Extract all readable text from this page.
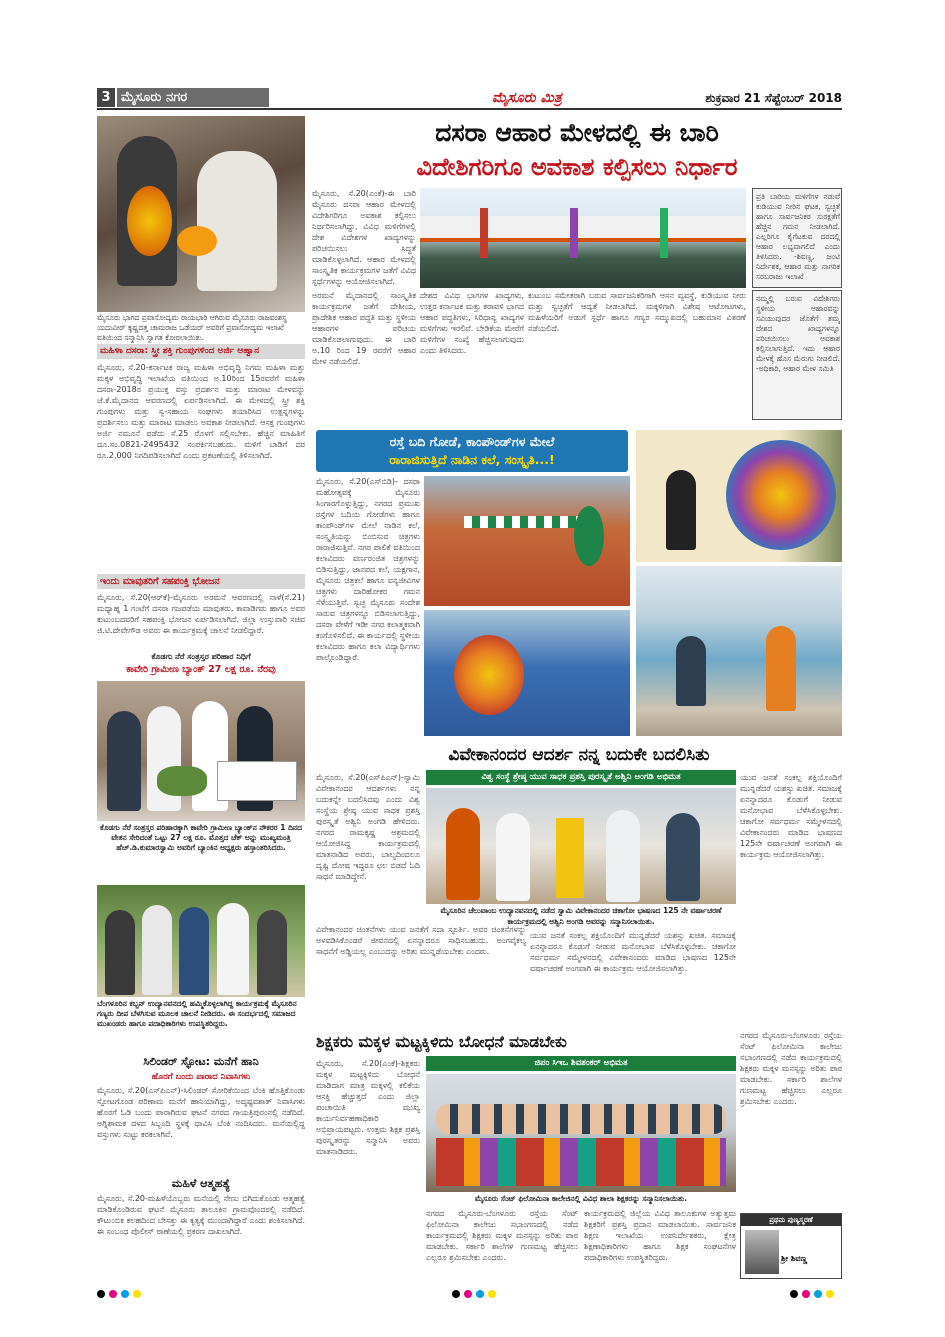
3 ಮೈಸೂರು ನಗರ	ಮೈಸೂರು ಮಿತ್ರ	ಶುಕ್ರವಾರ 21 ಸೆಪ್ಟೆಂಬರ್ 2018
ಮೈಸೂರು ಭಾಗದ ಪ್ರವಾಸೋದ್ಯಮ ರಾಯಭಾರಿ ಆಗಿರುವ ಮೈಸೂರು ರಾಜವಂಶಸ್ಥ ಯದುವೀರ್ ಕೃಷ್ಣದತ್ತ ಚಾಮರಾಜ ಒಡೆಯರ್ ಅವರಿಗೆ ಪ್ರವಾಸೋದ್ಯಮ ಇಲಾಖೆ ವತಿಯಿಂದ ಸನ್ಮಾನಿಸಿ ಸ್ವಾಗತ ಕೋರಲಾಯಿತು.
ಮಹಿಳಾ ದಸರಾ: ಸ್ತ್ರೀ ಶಕ್ತಿ ಗುಂಪುಗಳಿಂದ ಅರ್ಜಿ ಆಹ್ವಾನ
ಮೈಸೂರು, ಸೆ.20-ಕರ್ನಾಟಕ ರಾಜ್ಯ ಮಹಿಳಾ ಅಭಿವೃದ್ಧಿ ನಿಗಮ ಮಹಿಳಾ ಮತ್ತು ಮಕ್ಕಳ ಅಭಿವೃದ್ಧಿ ಇಲಾಖೆಯ ವತಿಯಿಂದ ಅ.10ರಿಂದ 15ರವರೆಗೆ ಮಹಿಳಾ ದಸರಾ-2018ರ ಪ್ರಯುಕ್ತ ವಸ್ತು ಪ್ರದರ್ಶನ ಮತ್ತು ಮಾರಾಟ ಮೇಳವನ್ನು ಜೆ.ಕೆ.ಮೈದಾನದ ಆವರಣದಲ್ಲಿ ಏರ್ಪಡಿಸಲಾಗಿದೆ. ಈ ಮೇಳದಲ್ಲಿ ಸ್ತ್ರೀ ಶಕ್ತಿ ಗುಂಪುಗಳು ಮತ್ತು ಸ್ವ-ಸಹಾಯ ಸಂಘಗಳು ತಯಾರಿಸಿದ ಉತ್ಪನ್ನಗಳನ್ನು ಪ್ರದರ್ಶಿಸಲು ಮತ್ತು ಮಾರಾಟ ಮಾಡಲು ಅವಕಾಶ ನೀಡಲಾಗಿದೆ. ಆಸಕ್ತ ಗುಂಪುಗಳು ಅರ್ಜಿ ನಮೂನೆ ಪಡೆದು ಸೆ.25 ರೊಳಗೆ ಸಲ್ಲಿಸಬೇಕು. ಹೆಚ್ಚಿನ ಮಾಹಿತಿಗೆ ದೂ.ಸಂ.0821-2495432 ಸಂಪರ್ಕಿಸಬಹುದು. ಮಳಿಗೆ ಬಾಡಿಗೆ ದರ ರೂ.2,000 ನಿಗದಿಪಡಿಸಲಾಗಿದೆ ಎಂದು ಪ್ರಕಟಣೆಯಲ್ಲಿ ತಿಳಿಸಲಾಗಿದೆ.
ಇಂದು ಮಾವುತರಿಗೆ ಸಹಪಂಕ್ತಿ ಭೋಜನ
ಮೈಸೂರು, ಸೆ.20(ಆರ್‌ಕೆ)-ಮೈಸೂರು ಅರಮನೆ ಆವರಣದಲ್ಲಿ ನಾಳೆ(ಸೆ.21) ಮಧ್ಯಾಹ್ನ 1 ಗಂಟೆಗೆ ದಸರಾ ಗಜಪಡೆಯ ಮಾವುತರು, ಕಾವಾಡಿಗರು ಹಾಗೂ ಅವರ ಕುಟುಂಬದವರಿಗೆ ಸಹಪಂಕ್ತಿ ಭೋಜನ ಏರ್ಪಡಿಸಲಾಗಿದೆ. ಜಿಲ್ಲಾ ಉಸ್ತುವಾರಿ ಸಚಿವ ಜಿ.ಟಿ.ದೇವೇಗೌಡ ಅವರು ಈ ಕಾರ್ಯಕ್ರಮಕ್ಕೆ ಚಾಲನೆ ನೀಡಲಿದ್ದಾರೆ.
ಕೊಡಗು ನೆರೆ ಸಂತ್ರಸ್ತರ ಪರಿಹಾರ ನಿಧಿಗೆ
ಕಾವೇರಿ ಗ್ರಾಮೀಣ ಬ್ಯಾಂಕ್ 27 ಲಕ್ಷ ರೂ. ನೆರವು
ಕೊಡಗು ನೆರೆ ಸಂತ್ರಸ್ತರ ಪರಿಹಾರಕ್ಕಾಗಿ ಕಾವೇರಿ ಗ್ರಾಮೀಣ ಬ್ಯಾಂಕ್‌ನ ನೌಕರರ 1 ದಿನದ ವೇತನ ಸೇರಿದಂತೆ ಒಟ್ಟು 27 ಲಕ್ಷ ರೂ. ಮೊತ್ತದ ಚೆಕ್ ಅನ್ನು ಮುಖ್ಯಮಂತ್ರಿ ಹೆಚ್.ಡಿ.ಕುಮಾರಸ್ವಾಮಿ ಅವರಿಗೆ ಬ್ಯಾಂಕಿನ ಅಧ್ಯಕ್ಷರು ಹಸ್ತಾಂತರಿಸಿದರು.
ಬೆಂಗಳೂರಿನ ಕಬ್ಬನ್ ಉದ್ಯಾನವನದಲ್ಲಿ ಹಮ್ಮಿಕೊಳ್ಳಲಾಗಿದ್ದ ಕಾರ್ಯಕ್ರಮಕ್ಕೆ ಮೈಸೂರಿನ ಗಣ್ಯರು ದೀಪ ಬೆಳಗಿಸುವ ಮೂಲಕ ಚಾಲನೆ ನೀಡಿದರು. ಈ ಸಂದರ್ಭದಲ್ಲಿ ಸಮಾಜದ ಮುಖಂಡರು ಹಾಗೂ ಪದಾಧಿಕಾರಿಗಳು ಉಪಸ್ಥಿತರಿದ್ದರು.
ಸಿಲಿಂಡರ್ ಸ್ಫೋಟ: ಮನೆಗೆ ಹಾನಿ
ಹೊರಗೆ ಬಂದು ಪಾರಾದ ನಿವಾಸಿಗಳು
ಮೈಸೂರು, ಸೆ.20(ಎಸ್‌ಪಿಎನ್)-ಸಿಲಿಂಡರ್ ಸೋರಿಕೆಯಿಂದ ಬೆಂಕಿ ಹೊತ್ತಿಕೊಂಡು ಸ್ಫೋಟಗೊಂಡ ಪರಿಣಾಮ ಮನೆಗೆ ಹಾನಿಯಾಗಿದ್ದು, ಅದೃಷ್ಟವಶಾತ್ ನಿವಾಸಿಗಳು ಹೊರಗೆ ಓಡಿ ಬಂದು ಪಾರಾಗಿರುವ ಘಟನೆ ನಗರದ ಗಾಯತ್ರಿಪುರಂನಲ್ಲಿ ನಡೆದಿದೆ. ಅಗ್ನಿಶಾಮಕ ದಳದ ಸಿಬ್ಬಂದಿ ಸ್ಥಳಕ್ಕೆ ಧಾವಿಸಿ ಬೆಂಕಿ ನಂದಿಸಿದರು. ಮನೆಯಲ್ಲಿದ್ದ ವಸ್ತುಗಳು ಸುಟ್ಟು ಕರಕಲಾಗಿವೆ.
ಮಹಿಳೆ ಆತ್ಮಹತ್ಯೆ
ಮೈಸೂರು, ಸೆ.20-ಮಹಿಳೆಯೊಬ್ಬರು ಮನೆಯಲ್ಲಿ ನೇಣು ಬಿಗಿದುಕೊಂಡು ಆತ್ಮಹತ್ಯೆ ಮಾಡಿಕೊಂಡಿರುವ ಘಟನೆ ಮೈಸೂರು ತಾಲೂಕಿನ ಗ್ರಾಮವೊಂದರಲ್ಲಿ ನಡೆದಿದೆ. ಕೌಟುಂಬಿಕ ಕಲಹದಿಂದ ಬೇಸತ್ತು ಈ ಕೃತ್ಯಕ್ಕೆ ಮುಂದಾಗಿದ್ದಾರೆ ಎಂದು ಶಂಕಿಸಲಾಗಿದೆ. ಈ ಸಂಬಂಧ ಪೊಲೀಸ್ ಠಾಣೆಯಲ್ಲಿ ಪ್ರಕರಣ ದಾಖಲಾಗಿದೆ.
ದಸರಾ ಆಹಾರ ಮೇಳದಲ್ಲಿ ಈ ಬಾರಿ
ವಿದೇಶಿಗರಿಗೂ ಅವಕಾಶ ಕಲ್ಪಿಸಲು ನಿರ್ಧಾರ
ಮೈಸೂರು, ಸೆ.20(ಎಂಕೆ)-ಈ ಬಾರಿ ಮೈಸೂರು ದಸರಾ ಆಹಾರ ಮೇಳದಲ್ಲಿ ವಿದೇಶಿಗರಿಗೂ ಅವಕಾಶ ಕಲ್ಪಿಸಲು ನಿರ್ಧರಿಸಲಾಗಿದ್ದು, ವಿವಿಧ ಮಳಿಗೆಗಳಲ್ಲಿ ದೇಶ ವಿದೇಶಗಳ ಖಾದ್ಯಗಳನ್ನು ಪರಿಚಯಿಸಲು ಸಿದ್ಧತೆ ಮಾಡಿಕೊಳ್ಳಲಾಗಿದೆ. ಆಹಾರ ಮೇಳದಲ್ಲಿ ಸಾಂಸ್ಕೃತಿಕ ಕಾರ್ಯಕ್ರಮಗಳ ಜತೆಗೆ ವಿವಿಧ ಸ್ಪರ್ಧೆಗಳನ್ನು ಆಯೋಜಿಸಲಾಗಿದೆ.
ಪ್ರತಿ ಬಾರಿಯ ಮಳಿಗೆಗಳ ನಡುವೆ ಕುಡಿಯುವ ನೀರಿನ ಘಟಕ, ಸ್ವಚ್ಛತೆ ಹಾಗೂ ಸಾರ್ವಜನಿಕರ ಸುರಕ್ಷತೆಗೆ ಹೆಚ್ಚಿನ ಗಮನ ನೀಡಲಾಗಿದೆ. ಎಲ್ಲರಿಗೂ ಕೈಗೆಟಕುವ ದರದಲ್ಲಿ ಆಹಾರ ಲಭ್ಯವಾಗಲಿದೆ ಎಂದು ತಿಳಿಸಿದರು. -ಶಿವಣ್ಣ, ಜಂಟಿ ನಿರ್ದೇಶಕ, ಆಹಾರ ಮತ್ತು ನಾಗರಿಕ ಸರಬರಾಜು ಇಲಾಖೆ
ಅರಮನೆ ಮೈದಾನದಲ್ಲಿ ಸಾಂಸ್ಕೃತಿಕ ಕಾರ್ಯಕ್ರಮಗಳ ಜತೆಗೆ ದೇಶೀಯ, ಪ್ರಾದೇಶಿಕ ಆಹಾರ ಪದ್ಧತಿ ಮತ್ತು ಸ್ಥಳೀಯ ಆಹಾರಗಳ ಪರಿಚಯ ಮಾಡಿಕೊಡಲಾಗುವುದು. ಈ ಬಾರಿ ಅ.10 ರಿಂದ 19 ರವರೆಗೆ ಆಹಾರ ಮೇಳ ನಡೆಯಲಿದೆ.
ದೇಶದ ವಿವಿಧ ಭಾಗಗಳ ಖಾದ್ಯಗಳು, ಉತ್ತರ ಕರ್ನಾಟಕ ಮತ್ತು ಕರಾವಳಿ ಭಾಗದ ಆಹಾರ ಪದ್ಧತಿಗಳು, ಸಿರಿಧಾನ್ಯ ಖಾದ್ಯಗಳ ಮಳಿಗೆಗಳು ಇರಲಿವೆ. ಬೇಡಿಕೆಯ ಮೇರೆಗೆ ಮಳಿಗೆಗಳ ಸಂಖ್ಯೆ ಹೆಚ್ಚಿಸಲಾಗುವುದು ಎಂದು ತಿಳಿಸಿದರು.
ಕುಟುಂಬ ಸಮೇತರಾಗಿ ಬರುವ ಸಾರ್ವಜನಿಕರಿಗಾಗಿ ಆಸನ ವ್ಯವಸ್ಥೆ, ಕುಡಿಯುವ ನೀರು ಮತ್ತು ಸ್ವಚ್ಛತೆಗೆ ಆದ್ಯತೆ ನೀಡಲಾಗಿದೆ. ಮಕ್ಕಳಿಗಾಗಿ ವಿಶೇಷ ಆಟೋಟಗಳು, ಮಹಿಳೆಯರಿಗೆ ಅಡುಗೆ ಸ್ಪರ್ಧೆ ಹಾಗೂ ಗಣ್ಯರ ಸಮ್ಮುಖದಲ್ಲಿ ಬಹುಮಾನ ವಿತರಣೆ ನಡೆಯಲಿದೆ.
ನಮ್ಮಲ್ಲಿ ಬರುವ ವಿದೇಶಿಗರು ಸ್ಥಳೀಯ ಆಹಾರವನ್ನು ಸವಿಯುವುದರ ಜೊತೆಗೆ ತಮ್ಮ ದೇಶದ ಖಾದ್ಯಗಳನ್ನೂ ಪರಿಚಯಿಸಲು ಅವಕಾಶ ಕಲ್ಪಿಸಲಾಗುತ್ತಿದೆ. ಇದು ಆಹಾರ ಮೇಳಕ್ಕೆ ಹೊಸ ಮೆರುಗು ನೀಡಲಿದೆ. -ಅಧಿಕಾರಿ, ಆಹಾರ ಮೇಳ ಸಮಿತಿ
ರಸ್ತೆ ಬದಿ ಗೋಡೆ, ಕಾಂಪೌಂಡ್‌ಗಳ ಮೇಲೆ
ರಾರಾಜಿಸುತ್ತಿದೆ ನಾಡಿನ ಕಲೆ, ಸಂಸ್ಕೃತಿ...!
ಮೈಸೂರು, ಸೆ.20(ಎಸ್‌ಬಿಡಿ)- ದಸರಾ ಮಹೋತ್ಸವಕ್ಕೆ ಮೈಸೂರು ಸಿಂಗಾರಗೊಳ್ಳುತ್ತಿದ್ದು, ನಗರದ ಪ್ರಮುಖ ರಸ್ತೆಗಳ ಬದಿಯ ಗೋಡೆಗಳು ಹಾಗೂ ಕಾಂಪೌಂಡ್‌ಗಳ ಮೇಲೆ ನಾಡಿನ ಕಲೆ, ಸಂಸ್ಕೃತಿಯನ್ನು ಬಿಂಬಿಸುವ ಚಿತ್ರಗಳು ರಾರಾಜಿಸುತ್ತಿವೆ. ನಗರ ಪಾಲಿಕೆ ವತಿಯಿಂದ ಕಲಾವಿದರು ವರ್ಣರಂಜಿತ ಚಿತ್ರಗಳನ್ನು ಬಿಡಿಸುತ್ತಿದ್ದು, ಜಾನಪದ ಕಲೆ, ಯಕ್ಷಗಾನ, ಮೈಸೂರು ಚಿತ್ರಕಲೆ ಹಾಗೂ ವನ್ಯಜೀವಿಗಳ ಚಿತ್ರಗಳು ದಾರಿಹೋಕರ ಗಮನ ಸೆಳೆಯುತ್ತಿವೆ. ಸ್ವಚ್ಛ ಮೈಸೂರು ಸಂದೇಶ ಸಾರುವ ಚಿತ್ರಗಳನ್ನೂ ಬಿಡಿಸಲಾಗುತ್ತಿದ್ದು, ದಸರಾ ವೇಳೆಗೆ ಇಡೀ ನಗರ ಕಲಾತ್ಮಕವಾಗಿ ಕಂಗೊಳಿಸಲಿದೆ. ಈ ಕಾರ್ಯದಲ್ಲಿ ಸ್ಥಳೀಯ ಕಲಾವಿದರು ಹಾಗೂ ಕಲಾ ವಿದ್ಯಾರ್ಥಿಗಳು ಪಾಲ್ಗೊಂಡಿದ್ದಾರೆ.
ವಿವೇಕಾನಂದರ ಆದರ್ಶ ನನ್ನ ಬದುಕೇ ಬದಲಿಸಿತು
ವಿಶ್ವ ಸಂಸ್ಥೆ ಶ್ರೇಷ್ಠ ಯುವ ಸಾಧಕ ಪ್ರಶಸ್ತಿ ಪುರಸ್ಕೃತೆ ಅಶ್ವಿನಿ ಅಂಗಡಿ ಅಭಿಮತ
ಮೈಸೂರು, ಸೆ.20(ಎಸ್‌ಪಿಎನ್)-ಸ್ವಾಮಿ ವಿವೇಕಾನಂದರ ಆದರ್ಶಗಳು ನನ್ನ ಬದುಕನ್ನೇ ಬದಲಿಸಿದವು ಎಂದು ವಿಶ್ವ ಸಂಸ್ಥೆಯ ಶ್ರೇಷ್ಠ ಯುವ ಸಾಧಕ ಪ್ರಶಸ್ತಿ ಪುರಸ್ಕೃತೆ ಅಶ್ವಿನಿ ಅಂಗಡಿ ಹೇಳಿದರು. ನಗರದ ರಾಮಕೃಷ್ಣ ಆಶ್ರಮದಲ್ಲಿ ಆಯೋಜಿಸಿದ್ದ ಕಾರ್ಯಕ್ರಮದಲ್ಲಿ ಮಾತನಾಡಿದ ಅವರು, ಬಾಲ್ಯದಿಂದಲೂ ದೃಷ್ಟಿ ದೋಷ ಇದ್ದರೂ ಛಲ ಬಿಡದೆ ಓದಿ ಸಾಧನೆ ಮಾಡಿದ್ದೇನೆ.
ಮೈಸೂರಿನ ಚೆಲುವಾಂಬ ಉದ್ಯಾನವನದಲ್ಲಿ ನಡೆದ ಸ್ವಾಮಿ ವಿವೇಕಾನಂದರ ಚಿಕಾಗೋ ಭಾಷಣದ 125 ನೇ ವರ್ಷಾಚರಣೆ ಕಾರ್ಯಕ್ರಮದಲ್ಲಿ ಅಶ್ವಿನಿ ಅಂಗಡಿ ಅವರನ್ನು ಸನ್ಮಾನಿಸಲಾಯಿತು.
ವಿವೇಕಾನಂದರ ಚಿಂತನೆಗಳು ಯುವ ಜನತೆಗೆ ಸದಾ ಸ್ಫೂರ್ತಿ. ಅವರ ಚಿಂತನೆಗಳನ್ನು ಅಳವಡಿಸಿಕೊಂಡರೆ ಜೀವನದಲ್ಲಿ ಏನನ್ನಾದರೂ ಸಾಧಿಸಬಹುದು. ಅಂಗವೈಕಲ್ಯ ಸಾಧನೆಗೆ ಅಡ್ಡಿಯಲ್ಲ ಎಂಬುದನ್ನು ಅರಿತು ಮುನ್ನಡೆಯಬೇಕು ಎಂದರು.
ಯುವ ಜನತೆ ಸಂಕಲ್ಪ ಶಕ್ತಿಯೊಂದಿಗೆ ಮುನ್ನಡೆದರೆ ಯಶಸ್ಸು ಖಚಿತ. ಸಮಾಜಕ್ಕೆ ಏನನ್ನಾದರೂ ಕೊಡುಗೆ ನೀಡುವ ಮನೋಭಾವ ಬೆಳೆಸಿಕೊಳ್ಳಬೇಕು. ಚಿಕಾಗೋ ಸರ್ವಧರ್ಮ ಸಮ್ಮೇಳನದಲ್ಲಿ ವಿವೇಕಾನಂದರು ಮಾಡಿದ ಭಾಷಣದ 125ನೇ ವರ್ಷಾಚರಣೆ ಅಂಗವಾಗಿ ಈ ಕಾರ್ಯಕ್ರಮ ಆಯೋಜಿಸಲಾಗಿತ್ತು.
ಯುವ ಜನತೆ ಸಂಕಲ್ಪ ಶಕ್ತಿಯೊಂದಿಗೆ ಮುನ್ನಡೆದರೆ ಯಶಸ್ಸು ಖಚಿತ. ಸಮಾಜಕ್ಕೆ ಏನನ್ನಾದರೂ ಕೊಡುಗೆ ನೀಡುವ ಮನೋಭಾವ ಬೆಳೆಸಿಕೊಳ್ಳಬೇಕು. ಚಿಕಾಗೋ ಸರ್ವಧರ್ಮ ಸಮ್ಮೇಳನದಲ್ಲಿ ವಿವೇಕಾನಂದರು ಮಾಡಿದ ಭಾಷಣದ 125ನೇ ವರ್ಷಾಚರಣೆ ಅಂಗವಾಗಿ ಈ ಕಾರ್ಯಕ್ರಮ ಆಯೋಜಿಸಲಾಗಿತ್ತು.
ಶಿಕ್ಷಕರು ಮಕ್ಕಳ ಮಟ್ಟಕ್ಕಿಳಿದು ಬೋಧನೆ ಮಾಡಬೇಕು
ಜಿಪಂ ಸಿಇಒ ಶಿವಶಂಕರ್ ಅಭಿಮತ
ಮೈಸೂರು, ಸೆ.20(ಎಂಕೆ)-ಶಿಕ್ಷಕರು ಮಕ್ಕಳ ಮಟ್ಟಕ್ಕಿಳಿದು ಬೋಧನೆ ಮಾಡಿದಾಗ ಮಾತ್ರ ಮಕ್ಕಳಲ್ಲಿ ಕಲಿಕೆಯ ಆಸಕ್ತಿ ಹೆಚ್ಚುತ್ತದೆ ಎಂದು ಜಿಲ್ಲಾ ಪಂಚಾಯಿತಿ ಮುಖ್ಯ ಕಾರ್ಯನಿರ್ವಹಣಾಧಿಕಾರಿ ಅಭಿಪ್ರಾಯಪಟ್ಟರು. ಉತ್ತಮ ಶಿಕ್ಷಕ ಪ್ರಶಸ್ತಿ ಪುರಸ್ಕೃತರನ್ನು ಸನ್ಮಾನಿಸಿ ಅವರು ಮಾತನಾಡಿದರು.
ಮೈಸೂರು ಸೆಂಟ್ ಫಿಲೋಮಿನಾ ಕಾಲೇಜಿನಲ್ಲಿ ವಿವಿಧ ಶಾಲಾ ಶಿಕ್ಷಕರನ್ನು ಸನ್ಮಾನಿಸಲಾಯಿತು.
ನಗರದ ಮೈಸೂರು-ಬೆಂಗಳೂರು ರಸ್ತೆಯ ಸೆಂಟ್ ಫಿಲೋಮಿನಾ ಕಾಲೇಜು ಸಭಾಂಗಣದಲ್ಲಿ ನಡೆದ ಕಾರ್ಯಕ್ರಮದಲ್ಲಿ ಶಿಕ್ಷಕರು ಮಕ್ಕಳ ಮನಸ್ಸನ್ನು ಅರಿತು ಪಾಠ ಮಾಡಬೇಕು. ಸರ್ಕಾರಿ ಶಾಲೆಗಳ ಗುಣಮಟ್ಟ ಹೆಚ್ಚಿಸಲು ಎಲ್ಲರೂ ಶ್ರಮಿಸಬೇಕು ಎಂದರು.
ಕಾರ್ಯಕ್ರಮದಲ್ಲಿ ಜಿಲ್ಲೆಯ ವಿವಿಧ ತಾಲೂಕುಗಳ ಅತ್ಯುತ್ತಮ ಶಿಕ್ಷಕರಿಗೆ ಪ್ರಶಸ್ತಿ ಪ್ರದಾನ ಮಾಡಲಾಯಿತು. ಸಾರ್ವಜನಿಕ ಶಿಕ್ಷಣ ಇಲಾಖೆಯ ಉಪನಿರ್ದೇಶಕರು, ಕ್ಷೇತ್ರ ಶಿಕ್ಷಣಾಧಿಕಾರಿಗಳು ಹಾಗೂ ಶಿಕ್ಷಕ ಸಂಘಟನೆಗಳ ಪದಾಧಿಕಾರಿಗಳು ಉಪಸ್ಥಿತರಿದ್ದರು.
ನಗರದ ಮೈಸೂರು-ಬೆಂಗಳೂರು ರಸ್ತೆಯ ಸೆಂಟ್ ಫಿಲೋಮಿನಾ ಕಾಲೇಜು ಸಭಾಂಗಣದಲ್ಲಿ ನಡೆದ ಕಾರ್ಯಕ್ರಮದಲ್ಲಿ ಶಿಕ್ಷಕರು ಮಕ್ಕಳ ಮನಸ್ಸನ್ನು ಅರಿತು ಪಾಠ ಮಾಡಬೇಕು. ಸರ್ಕಾರಿ ಶಾಲೆಗಳ ಗುಣಮಟ್ಟ ಹೆಚ್ಚಿಸಲು ಎಲ್ಲರೂ ಶ್ರಮಿಸಬೇಕು ಎಂದರು.
ಪ್ರಥಮ ಪುಣ್ಯಸ್ಮರಣೆ
ಶ್ರೀ ಶಿವಣ್ಣ
